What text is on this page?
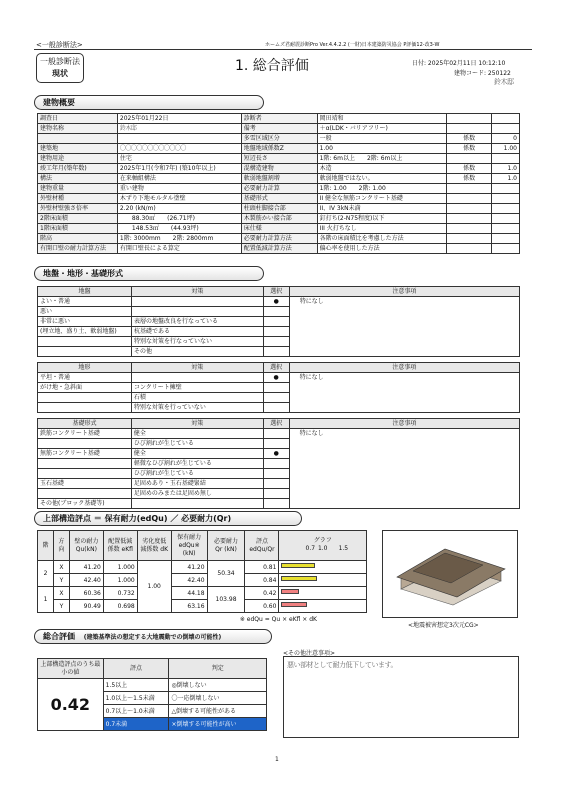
<一般診断法>	ホームズ君耐震診断Pro Ver.4.4.2.2 (一財)日本建築防災協会 P評価12-改3-W
一般診断法
現状	1. 総合評価	日付: 2025年02月11日 10:12:10
建物コード: 250122
鈴木邸
建物概要
調査日	2025年01月22日	診断者	岡田靖和		
建物名称	鈴木邸	備考	＋α(LDK・バリアフリー)		
		多雪区域区分	一般	係数	0
建築地	〇〇〇〇〇〇〇〇〇〇〇〇	地盤地域係数Z	1.00	係数	1.00
建物用途	住宅	短辺長さ	1階: 6m以上　　2階: 6m以上		
竣工年月(築年数)	2025年1月(令和7年) (築10年以上)	混構造建物	木造	係数	1.0
構法	在来軸組構法	軟弱地盤割増	軟弱地盤ではない。	係数	1.0
建物重量	重い建物	必要耐力計算	1階: 1.00　　2階: 1.00		
外壁材種	木ずり下地モルタル塗壁	基礎形式	II 健全な無筋コンクリート基礎		
外壁材壁強さ倍率	2.20 (kN/m)	柱頭柱脚接合部	II、IV 3kN未満		
2階床面積	　　88.30㎡　　(26.71坪)	木製筋かい接合部	釘打ち(2-N75程度)以下		
1階床面積	　　148.53㎡　　(44.93坪)	床仕様	III 火打ちなし		
階高	1階: 3000mm　　2階: 2800mm	必要耐力計算方法	各階の床面積比を考慮した方法		
有開口壁の耐力計算方法	有開口壁長による算定	配置低減計算方法	偏心率を使用した方法		
地盤・地形・基礎形式
地盤	対策	選択	注意事項
よい・普通		●	特になし
悪い			
非常に悪い	表層の地盤改良を行なっている		
(埋立地、盛り土、軟弱地盤)	杭基礎である		
	特別な対策を行なっていない		
	その他		
地形	対策	選択	注意事項
平坦・普通		●	特になし
がけ地・急斜面	コンクリート擁壁		
	石積		
	特別な対策を行っていない		
基礎形式	対策	選択	注意事項
鉄筋コンクリート基礎	健全		特になし
	ひび割れが生じている		
無筋コンクリート基礎	健全	●	
	軽微なひび割れが生じている		
	ひび割れが生じている		
玉石基礎	足固めあり・玉石基礎緊結		
	足固めのみまたは足固め無し		
その他(ブロック基礎等)			
上部構造評点 ＝ 保有耐力(edQu) ／ 必要耐力(Qr)
階	方向	壁の耐力 Qu(kN)	配置低減係数 eKfl	劣化度低減係数 dK	保有耐力 edQu※ (kN)	必要耐力 Qr (kN)	評点 edQu/Qr	グラフ
0.7 1.0 1.5

2	X	41.20	1.000	1.00	41.20	50.34	0.81	

	Y	42.40	1.000		42.40		0.84	

1	X	60.36	0.732		44.18	103.98	0.42	

	Y	90.49	0.698		63.16		0.60	
※ edQu = Qu × eKfl × dK
<地震被害想定3次元CG>
総合評価 (建築基準法の想定する大地震動での倒壊の可能性)
上部構造評点のうち最小の値	評点	判定
0.42	1.5以上	◎倒壊しない
	1.0以上～1.5未満	〇一応倒壊しない
	0.7以上～1.0未満	△倒壊する可能性がある
	0.7未満	×倒壊する可能性が高い
<その他注意事項>
悪い部材として耐力低下しています。
1
